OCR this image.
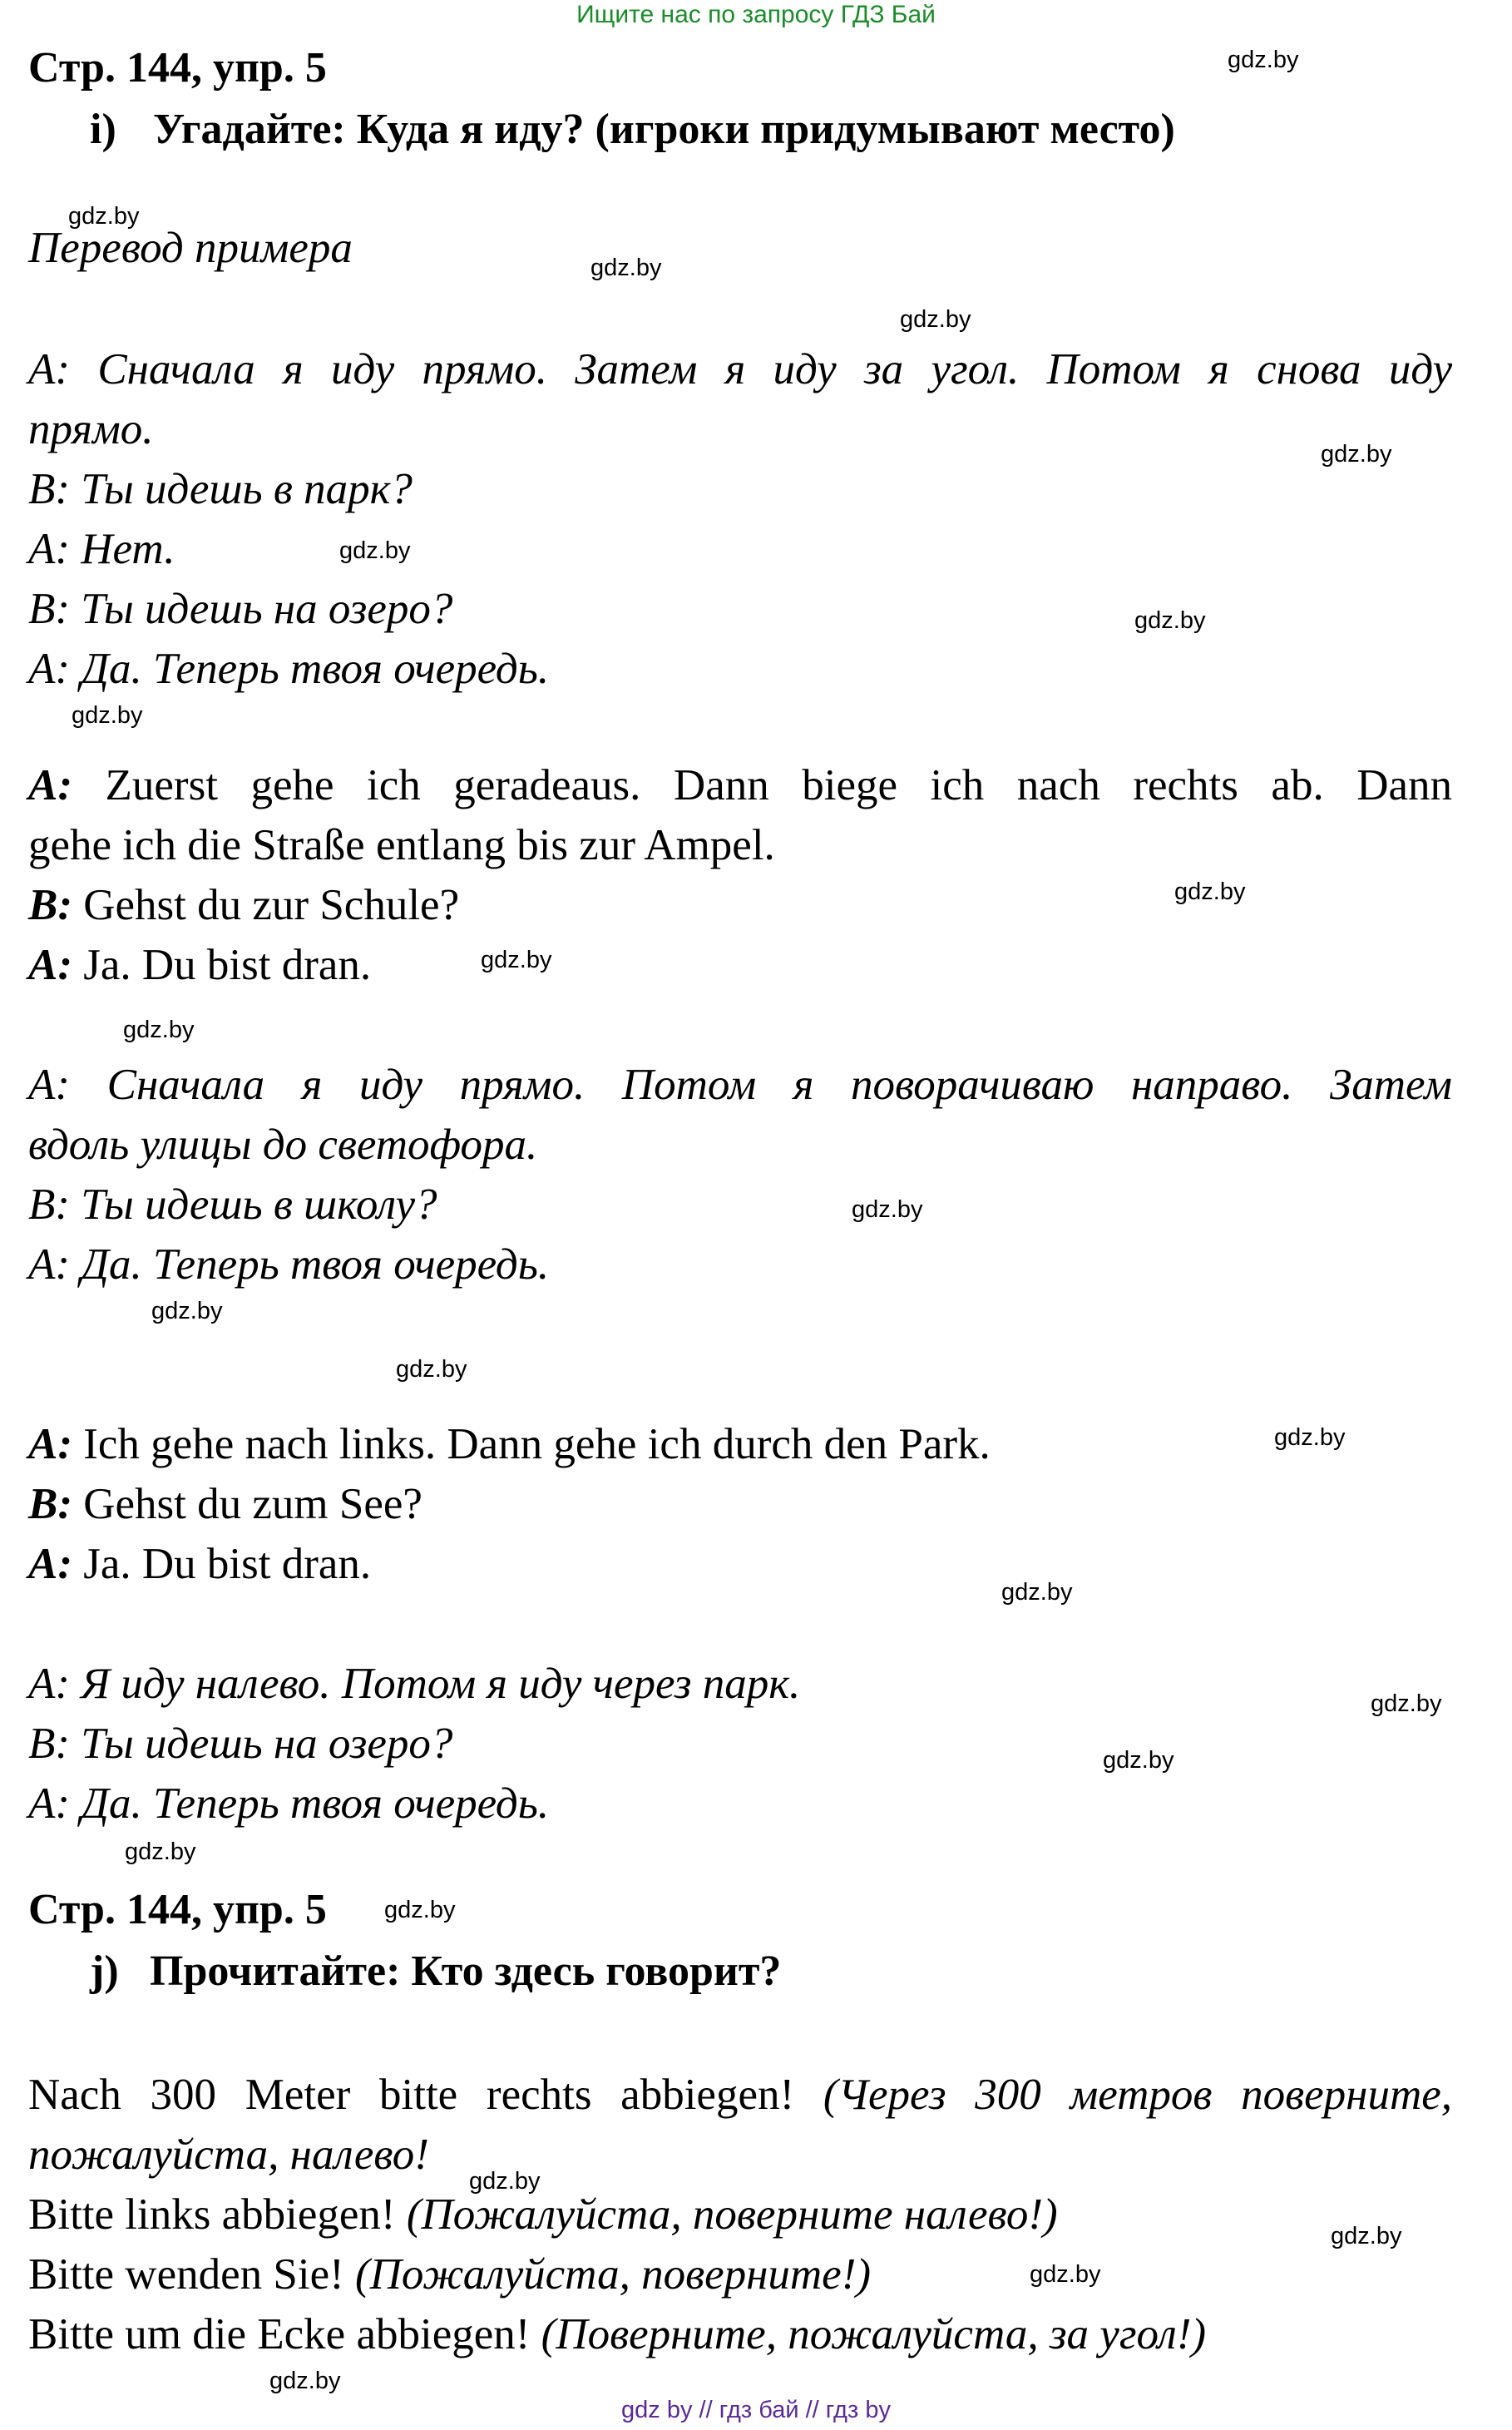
Ищите нас по запросу ГДЗ Бай
Стр. 144, упр. 5
i) Угадайте: Куда я иду? (игроки придумывают место)
Перевод примера
А: Сначала я иду прямо. Затем я иду за угол. Потом я снова иду
прямо.
В: Ты идешь в парк?
А: Нет.
В: Ты идешь на озеро?
А: Да. Теперь твоя очередь.
A: Zuerst gehe ich geradeaus. Dann biege ich nach rechts ab. Dann
gehe ich die Straße entlang bis zur Ampel.
B: Gehst du zur Schule?
A: Ja. Du bist dran.
А: Сначала я иду прямо. Потом я поворачиваю направо. Затем
вдоль улицы до светофора.
В: Ты идешь в школу?
А: Да. Теперь твоя очередь.
A: Ich gehe nach links. Dann gehe ich durch den Park.
B: Gehst du zum See?
A: Ja. Du bist dran.
А: Я иду налево. Потом я иду через парк.
В: Ты идешь на озеро?
А: Да. Теперь твоя очередь.
Стр. 144, упр. 5
j) Прочитайте: Кто здесь говорит?
Nach 300 Meter bitte rechts abbiegen! (Через 300 метров поверните,
пожалуйста, налево!
Bitte links abbiegen! (Пожалуйста, поверните налево!)
Bitte wenden Sie! (Пожалуйста, поверните!)
Bitte um die Ecke abbiegen! (Поверните, пожалуйста, за угол!)
gdz.by
gdz.by
gdz.by
gdz.by
gdz.by
gdz.by
gdz.by
gdz.by
gdz.by
gdz.by
gdz.by
gdz.by
gdz.by
gdz.by
gdz.by
gdz.by
gdz.by
gdz.by
gdz.by
gdz.by
gdz.by
gdz.by
gdz.by
gdz.by
gdz by // гдз бай // гдз by
